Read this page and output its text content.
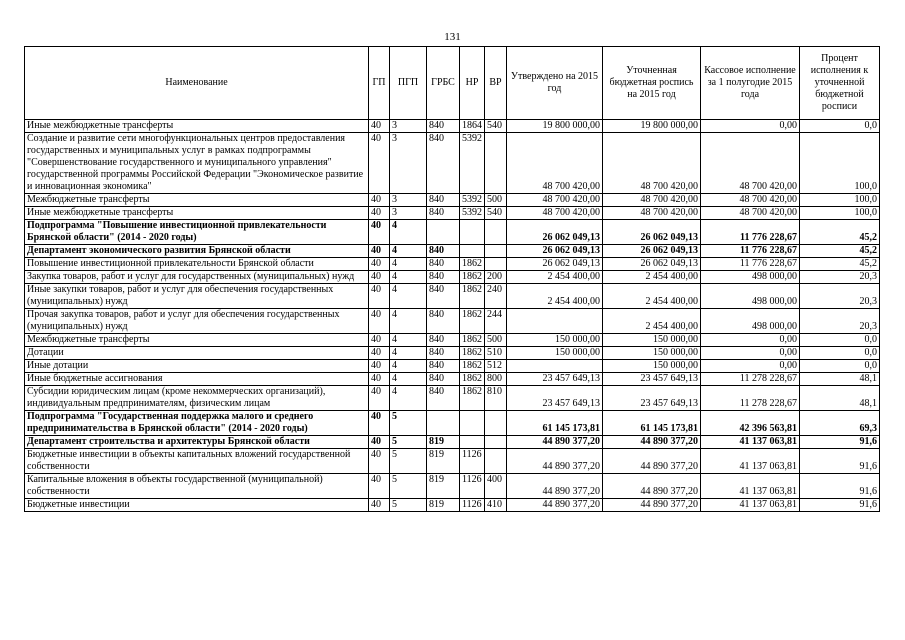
131
Наименование	ГП	ПГП	ГРБС	НР	ВР	Утверждено на 2015 год	Уточненная бюджетная роспись на 2015 год	Кассовое исполнение за 1 полугодие 2015 года	Процент исполнения к уточненной бюджетной росписи
Иные межбюджетные трансферты	40	3	840	1864	540	19 800 000,00	19 800 000,00	0,00	0,0
Создание и развитие сети многофункциональных центров предоставления государственных и муниципальных услуг в рамках подпрограммы "Совершенствование государственного и муниципального управления" государственной программы Российской Федерации "Экономическое развитие и инновационная экономика"	40	3	840	5392		48 700 420,00	48 700 420,00	48 700 420,00	100,0
Межбюджетные трансферты	40	3	840	5392	500	48 700 420,00	48 700 420,00	48 700 420,00	100,0
Иные межбюджетные трансферты	40	3	840	5392	540	48 700 420,00	48 700 420,00	48 700 420,00	100,0
Подпрограмма "Повышение инвестиционной привлекательности Брянской области" (2014 - 2020 годы)	40	4				26 062 049,13	26 062 049,13	11 776 228,67	45,2
Департамент экономического развития Брянской области	40	4	840			26 062 049,13	26 062 049,13	11 776 228,67	45,2
Повышение инвестиционной привлекательности Брянской области	40	4	840	1862		26 062 049,13	26 062 049,13	11 776 228,67	45,2
Закупка товаров, работ и услуг для государственных (муниципальных) нужд	40	4	840	1862	200	2 454 400,00	2 454 400,00	498 000,00	20,3
Иные закупки товаров, работ и услуг для обеспечения государственных (муниципальных) нужд	40	4	840	1862	240	2 454 400,00	2 454 400,00	498 000,00	20,3
Прочая закупка товаров, работ и услуг для обеспечения государственных (муниципальных) нужд	40	4	840	1862	244		2 454 400,00	498 000,00	20,3
Межбюджетные трансферты	40	4	840	1862	500	150 000,00	150 000,00	0,00	0,0
Дотации	40	4	840	1862	510	150 000,00	150 000,00	0,00	0,0
Иные дотации	40	4	840	1862	512		150 000,00	0,00	0,0
Иные бюджетные ассигнования	40	4	840	1862	800	23 457 649,13	23 457 649,13	11 278 228,67	48,1
Субсидии юридическим лицам (кроме некоммерческих организаций), индивидуальным предпринимателям, физическим лицам	40	4	840	1862	810	23 457 649,13	23 457 649,13	11 278 228,67	48,1
Подпрограмма "Государственная поддержка малого и среднего предпринимательства в Брянской области" (2014 - 2020 годы)	40	5				61 145 173,81	61 145 173,81	42 396 563,81	69,3
Департамент строительства и архитектуры Брянской области	40	5	819			44 890 377,20	44 890 377,20	41 137 063,81	91,6
Бюджетные инвестиции в объекты капитальных вложений государственной собственности	40	5	819	1126		44 890 377,20	44 890 377,20	41 137 063,81	91,6
Капитальные вложения в объекты государственной (муниципальной) собственности	40	5	819	1126	400	44 890 377,20	44 890 377,20	41 137 063,81	91,6
Бюджетные инвестиции	40	5	819	1126	410	44 890 377,20	44 890 377,20	41 137 063,81	91,6
